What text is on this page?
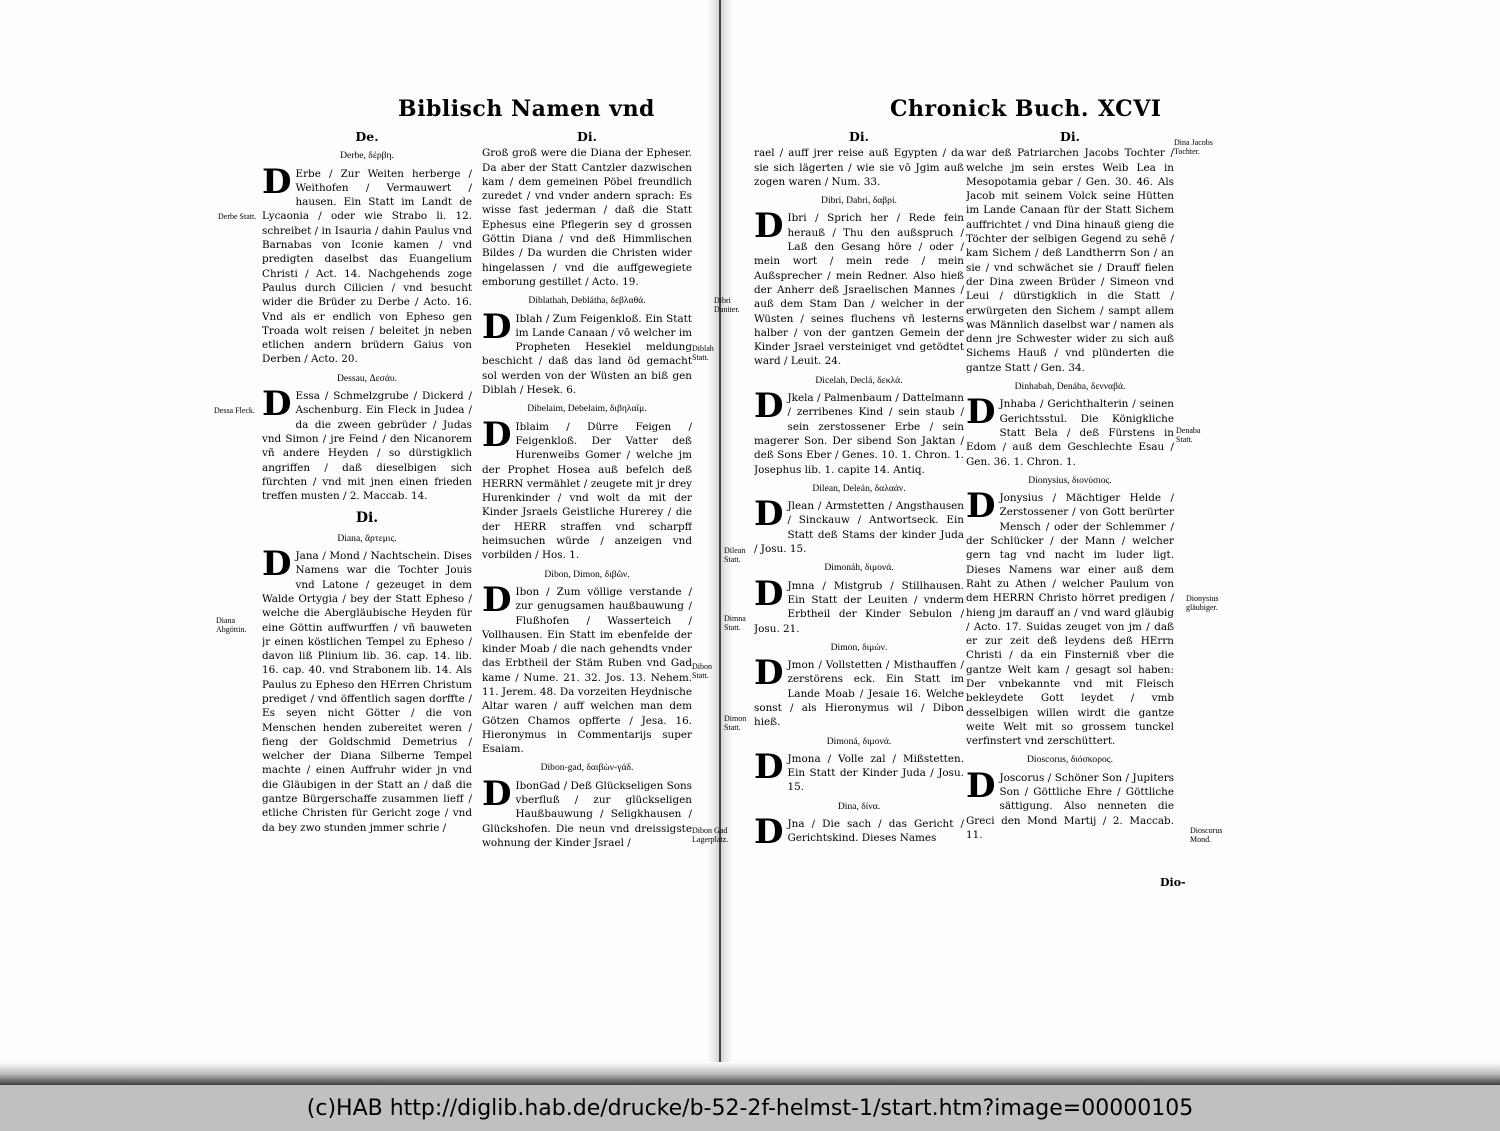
Biblisch Namen vnd
De.
Derbe, δέρβη.
D Erbe / Zur Weiten herberge / Weithofen / Vermauwert / hausen. Ein Statt im Landt de Lycaonia / oder wie Strabo li. 12. schreibet / in Isauria / dahin Paulus vnd Barnabas von Iconie kamen / vnd predigten daselbst das Euangelium Christi / Act. 14. Nachgehends zoge Paulus durch Cilicien / vnd besucht wider die Brüder zu Derbe / Acto. 16. Vnd als er endlich von Epheso gen Troada wolt reisen / beleitet jn neben etlichen andern brüdern Gaius von Derben / Acto. 20.
Dessau, Δεσάυ.
D Essa / Schmelzgrube / Dickerd / Aschenburg. Ein Fleck in Judea / da die zween gebrüder / Judas vnd Simon / jre Feind / den Nicanorem vñ andere Heyden / so dürstigklich angriffen / daß dieselbigen sich fürchten / vnd mit jnen einen frieden treffen musten / 2. Maccab. 14.
Di.
Diana, ἄρτεμις.
D Jana / Mond / Nachtschein. Dises Namens war die Tochter Jouis vnd Latone / gezeuget in dem Walde Ortygia / bey der Statt Epheso / welche die Abergläubische Heyden für eine Göttin auffwurffen / vñ bauweten jr einen köstlichen Tempel zu Epheso / davon liß Plinium lib. 36. cap. 14. lib. 16. cap. 40. vnd Strabonem lib. 14. Als Paulus zu Epheso den HErren Christum prediget / vnd öffentlich sagen dorffte / Es seyen nicht Götter / die von Menschen henden zubereitet weren / fieng der Goldschmid Demetrius / welcher der Diana Silberne Tempel machte / einen Auffruhr wider jn vnd die Gläubigen in der Statt an / daß die gantze Bürgerschaffe zusammen lieff / etliche Christen für Gericht zoge / vnd da bey zwo stunden jmmer schrie /
Di.
Groß groß were die Diana der Epheser. Da aber der Statt Cantzler dazwischen kam / dem gemeinen Pöbel freundlich zuredet / vnd vnder andern sprach: Es wisse fast jederman / daß die Statt Ephesus eine Pflegerin sey d grossen Göttin Diana / vnd deß Himmlischen Bildes / Da wurden die Christen wider hingelassen / vnd die auffgewegiete emborung gestillet / Acto. 19.
Diblathah, Deblátha, δεβλαθά.
D Iblah / Zum Feigenkloß. Ein Statt im Lande Canaan / vō welcher im Propheten Hesekiel meldung beschicht / daß das land öd gemacht sol werden von der Wüsten an biß gen Diblah / Hesek. 6.
Dibelaim, Debelaim, διβηλαΐμ.
D Iblaim / Dürre Feigen / Feigenkloß. Der Vatter deß Hurenweibs Gomer / welche jm der Prophet Hosea auß befelch deß HERRN vermählet / zeugete mit jr drey Hurenkinder / vnd wolt da mit der Kinder Jsraels Geistliche Hurerey / die der HERR straffen vnd scharpff heimsuchen würde / anzeigen vnd vorbilden / Hos. 1.
Dibon, Dimon, διβῶν.
D Ibon / Zum völlige verstande / zur genugsamen haußbauwung / Flußhofen / Wasserteich / Vollhausen. Ein Statt im ebenfelde der kinder Moab / die nach gehendts vnder das Erbtheil der Stäm Ruben vnd Gad kame / Nume. 21. 32. Jos. 13. Nehem. 11. Jerem. 48. Da vorzeiten Heydnische Altar waren / auff welchen man dem Götzen Chamos opfferte / Jesa. 16. Hieronymus in Commentarijs super Esaiam.
Dibon-gad, δαιβὼν-γάδ.
D IbonGad / Deß Glückseligen Sons vberfluß / zur glückseligen Haußbauwung / Seligkhausen / Glückshofen. Die neun vnd dreissigste wohnung der Kinder Jsrael /
Derbe Statt.
Dessa Fleck.
Diana Abgöttin.
Diblah Statt.
Dibon Statt.
Dibon Gad Lagerplatz.
Chronick Buch. XCVI
Di.
rael / auff jrer reise auß Egypten / da sie sich lägerten / wie sie vō Jgim auß zogen waren / Num. 33.
Dibri, Dabri, δαβρί.
D Ibri / Sprich her / Rede fein herauß / Thu den außspruch / Laß den Gesang höre / oder / mein wort / mein rede / mein Außsprecher / mein Redner. Also hieß der Anherr deß Jsraelischen Mannes / auß dem Stam Dan / welcher in der Wüsten / seines fluchens vñ lesterns halber / von der gantzen Gemein der Kinder Jsrael versteiniget vnd getödtet ward / Leuit. 24.
Dicelah, Declá, δεκλά.
D Jkela / Palmenbaum / Dattelmann / zerribenes Kind / sein staub / sein zerstossener Erbe / sein magerer Son. Der sibend Son Jaktan / deß Sons Eber / Genes. 10. 1. Chron. 1. Josephus lib. 1. capite 14. Antiq.
Dilean, Deleán, δαλαάν.
D Jlean / Armstetten / Angsthausen / Sinckauw / Antwortseck. Ein Statt deß Stams der kinder Juda / Josu. 15.
Dimonáh, διμονά.
D Jmna / Mistgrub / Stillhausen. Ein Statt der Leuiten / vnderm Erbtheil der Kinder Sebulon / Josu. 21.
Dimon, διμών.
D Jmon / Vollstetten / Misthauffen / zerstörens eck. Ein Statt im Lande Moab / Jesaie 16. Welche sonst / als Hieronymus wil / Dibon hieß.
Dimoná, διμονά.
D Jmona / Volle zal / Mißstetten. Ein Statt der Kinder Juda / Josu. 15.
Dina, δίνα.
D Jna / Die sach / das Gericht / Gerichtskind. Dieses Names
Di.
war deß Patriarchen Jacobs Tochter / welche jm sein erstes Weib Lea in Mesopotamia gebar / Gen. 30. 46. Als Jacob mit seinem Volck seine Hütten im Lande Canaan für der Statt Sichem auffrichtet / vnd Dina hinauß gieng die Töchter der selbigen Gegend zu sehē / kam Sichem / deß Landtherrn Son / an sie / vnd schwächet sie / Drauff fielen der Dina zween Brüder / Simeon vnd Leui / dürstigklich in die Statt / erwürgeten den Sichem / sampt allem was Männlich daselbst war / namen als denn jre Schwester wider zu sich auß Sichems Hauß / vnd plünderten die gantze Statt / Gen. 34.
Dinhabah, Denába, δενναβά.
D Jnhaba / Gerichthalterin / seinen Gerichtsstul. Die Königkliche Statt Bela / deß Fürstens in Edom / auß dem Geschlechte Esau / Gen. 36. 1. Chron. 1.
Dionysius, διονύσιος.
D Jonysius / Mächtiger Helde / Zerstossener / von Gott berürter Mensch / oder der Schlemmer / der Schlücker / der Mann / welcher gern tag vnd nacht im luder ligt. Dieses Namens war einer auß dem Raht zu Athen / welcher Paulum von dem HERRN Christo hörret predigen / hieng jm darauff an / vnd ward gläubig / Acto. 17. Suidas zeuget von jm / daß er zur zeit deß leydens deß HErrn Christi / da ein Finsterniß vber die gantze Welt kam / gesagt sol haben: Der vnbekannte vnd mit Fleisch bekleydete Gott leydet / vmb desselbigen willen wirdt die gantze weite Welt mit so grossem tunckel verfinstert vnd zerschüttert.
Dioscorus, διόσκορος.
D Joscorus / Schöner Son / Jupiters Son / Göttliche Ehre / Göttliche sättigung. Also nenneten die Greci den Mond Martij / 2. Maccab. 11.
Dio-
Dibri Daniter.
Dilean Statt.
Dimna Statt.
Dimon Statt.
Dina Jacobs Tochter.
Denaba Statt.
Dionysius gläubiger.
Dioscorus Mond.
(c)HAB http://diglib.hab.de/drucke/b-52-2f-helmst-1/start.htm?image=00000105
